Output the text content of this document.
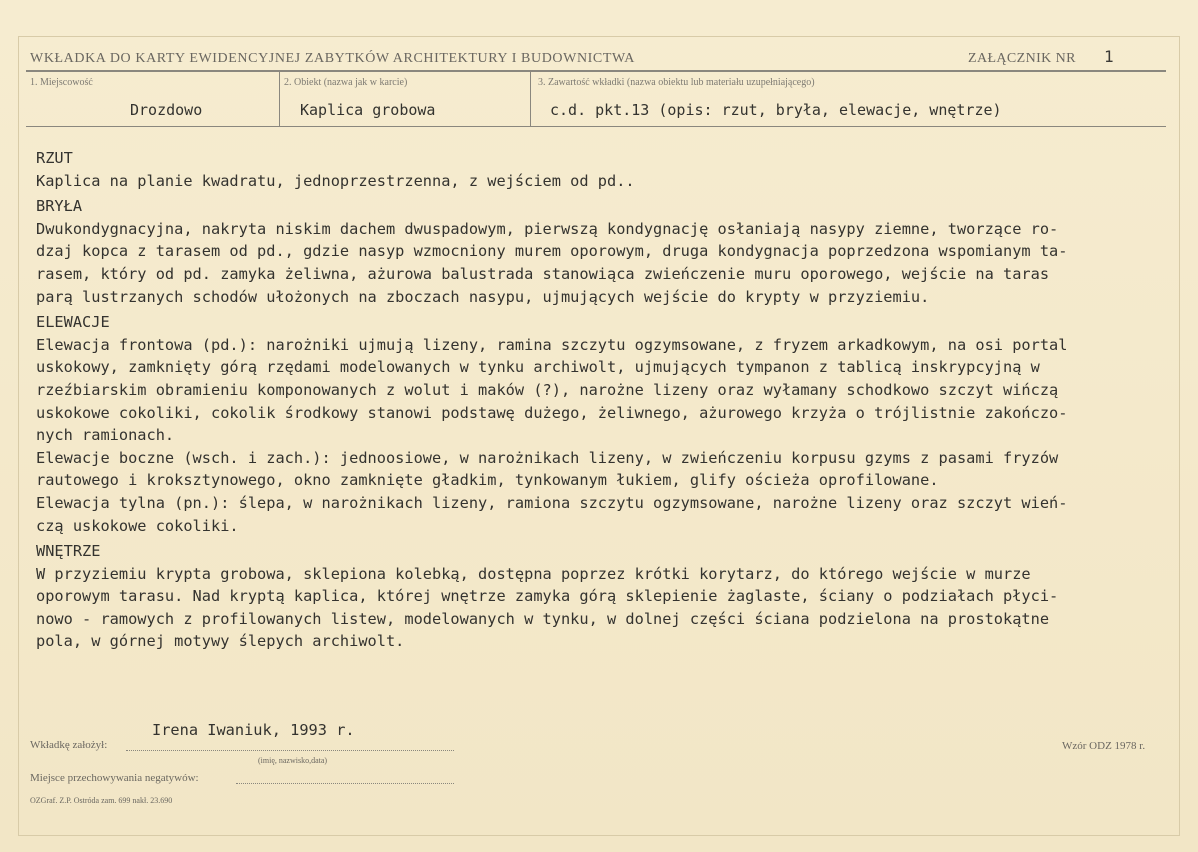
WKŁADKA DO KARTY EWIDENCYJNEJ ZABYTKÓW ARCHITEKTURY I BUDOWNICTWA	ZAŁĄCZNIK NR 1
1. Miejscowość
Drozdowo
2. Obiekt (nazwa jak w karcie)
Kaplica grobowa
3. Zawartość wkładki (nazwa obiektu lub materiału uzupełniającego)
c.d. pkt.13 (opis: rzut, bryła, elewacje, wnętrze)
RZUT
Kaplica na planie kwadratu, jednoprzestrzenna, z wejściem od pd..
BRYŁA
Dwukondygnacyjna, nakryta niskim dachem dwuspadowym, pierwszą kondygnację osłaniają nasypy ziemne, tworzące ro-
dzaj kopca z tarasem od pd., gdzie nasyp wzmocniony murem oporowym, druga kondygnacja poprzedzona wspomianym ta-
rasem, który od pd. zamyka żeliwna, ażurowa balustrada stanowiąca zwieńczenie muru oporowego, wejście na taras
parą lustrzanych schodów ułożonych na zboczach nasypu, ujmujących wejście do krypty w przyziemiu.
ELEWACJE
Elewacja frontowa (pd.): narożniki ujmują lizeny, ramina szczytu ogzymsowane, z fryzem arkadkowym, na osi portal
uskokowy, zamknięty górą rzędami modelowanych w tynku archiwolt, ujmujących tympanon z tablicą inskrypcyjną w
rzeźbiarskim obramieniu komponowanych z wolut i maków (?), narożne lizeny oraz wyłamany schodkowo szczyt wińczą
uskokowe cokoliki, cokolik środkowy stanowi podstawę dużego, żeliwnego, ażurowego krzyża o trójlistnie zakończo-
nych ramionach.
Elewacje boczne (wsch. i zach.): jednoosiowe, w narożnikach lizeny, w zwieńczeniu korpusu gzyms z pasami fryzów
rautowego i kroksztynowego, okno zamknięte gładkim, tynkowanym łukiem, glify ościeża oprofilowane.
Elewacja tylna (pn.): ślepa, w narożnikach lizeny, ramiona szczytu ogzymsowane, narożne lizeny oraz szczyt wień-
czą uskokowe cokoliki.
WNĘTRZE
W przyziemiu krypta grobowa, sklepiona kolebką, dostępna poprzez krótki korytarz, do którego wejście w murze
oporowym tarasu. Nad kryptą kaplica, której wnętrze zamyka górą sklepienie żaglaste, ściany o podziałach płyci-
nowo - ramowych z profilowanych listew, modelowanych w tynku, w dolnej części ściana podzielona na prostokątne
pola, w górnej motywy ślepych archiwolt.
Irena Iwaniuk, 1993 r.
Wkładkę założył:
(imię, nazwisko,data)
Wzór ODZ 1978 r.
Miejsce przechowywania negatywów:
OZGraf. Z.P. Ostróda zam. 699 nakł. 23.690
